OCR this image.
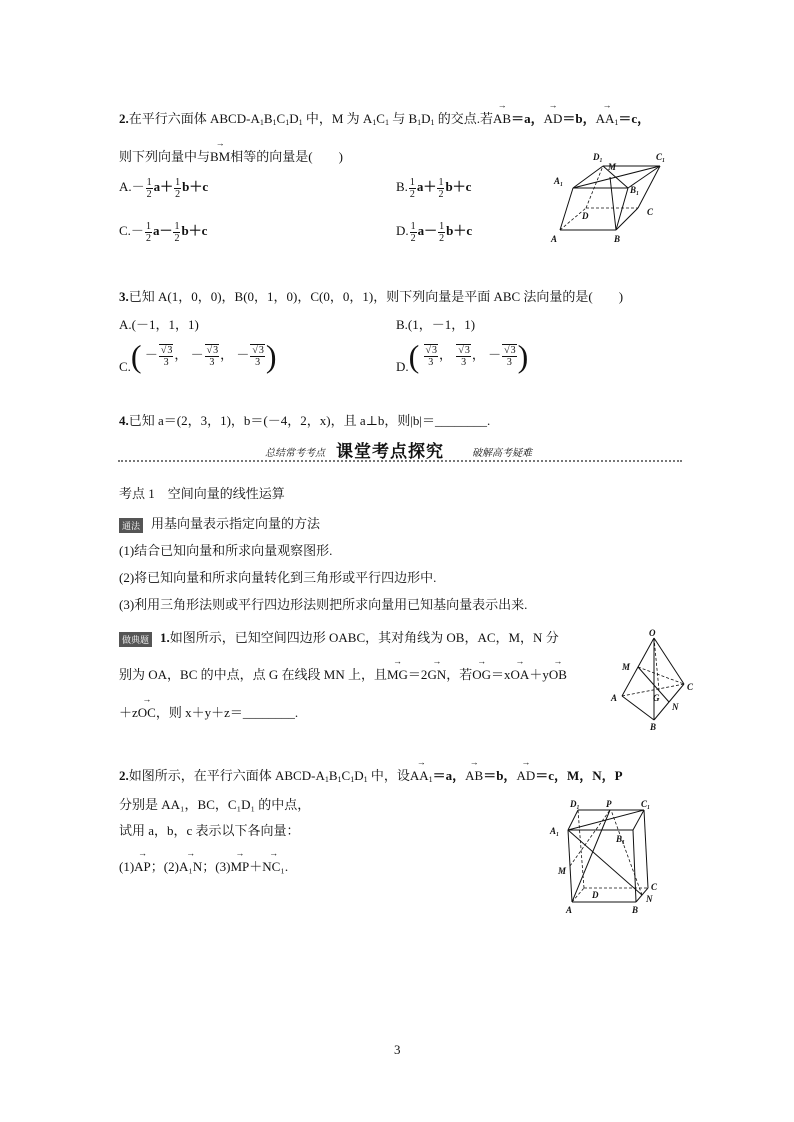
2.在平行六面体 ABCD-$A_1B_1C_1D_1$ 中，M 为 $A_1C_1$ 与 $B_1D_1$ 的交点.若→ AB＝a，→ AD＝b，→ $AA_1=c$，
则下列向量中与→ BM相等的向量是(　　)
$A.- \frac{1}{2} a+ \frac{1}{2} b+c$	B. $\frac{1}{2} a+ \frac{1}{2} b+c$
$C.- \frac{1}{2} a- \frac{1}{2} b+c$	D. $\frac{1}{2} a- \frac{1}{2} b+c$
D₁
M
C₁
A₁
B₁
D	C
A	B
3.已知 A(1，0，0)，B(0，1，0)，C(0，0，1)，则下列向量是平面 ABC 法向量的是(　　)
A.(－1，1，1)	B.(1，－1，1)
$C.( - \frac{√3}{3}$ ， － $\frac{√3}{3}$ ， － $\frac{√3}{3}$ )	$D.( \frac{√3}{3}$ ， $\frac{√3}{3}$ ， － $\frac{√3}{3}$ )
4.已知 a＝(2，3，1)，b＝(－4，2，x)，且 a⊥b，则|b|＝________.
总结常考考点 课堂考点探究	破解高考疑难
考点 1　空间向量的线性运算
通法 用基向量表示指定向量的方法
(1)结合已知向量和所求向量观察图形.
(2)将已知向量和所求向量转化到三角形或平行四边形中.
(3)利用三角形法则或平行四边形法则把所求向量用已知基向量表示出来.
做典题 1.如图所示，已知空间四边形 OABC，其对角线为 OB，AC，M，N 分
别为 OA，BC 的中点，点 G 在线段 MN 上，且→ MG＝2→ GN，若→ OG＝x→ OA＋y→ OB
＋z→ OC，则 x＋y＋z＝________.
O
M
C
A	G
N
B
2.如图所示，在平行六面体 ABCD-$A_1B_1C_1D_1$ 中，设→ $AA_1=a$，→ AB＝b，→ AD＝c，M，N，P
分别是 AA₁，BC，C₁D₁ 的中点，
试用 a，b，c 表示以下各向量：
(1)→ AP；(2)→ A₁N；(3)→ MP＋→ NC₁.
D₁	P	C₁
A₁
B₁
M
D
C
A	B
N
3
